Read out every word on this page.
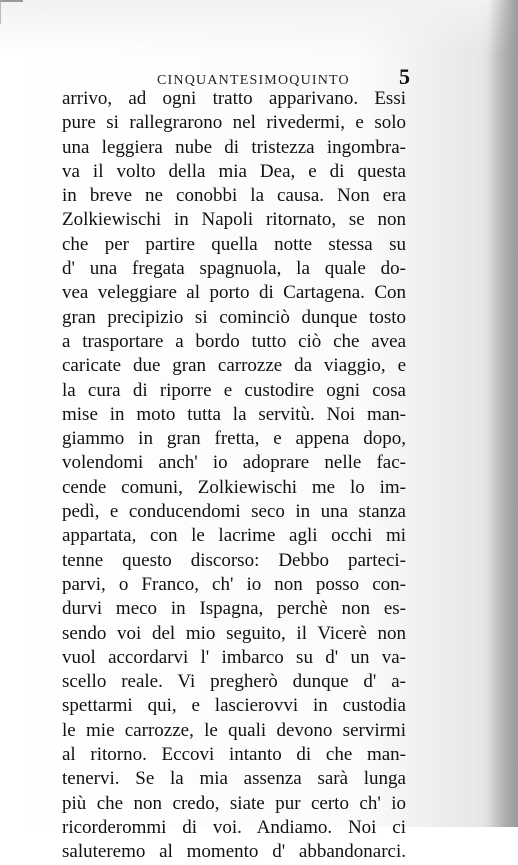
CINQUANTESIMOQUINTO 5
arrivo, ad ogni tratto apparivano. Essi
pure si rallegrarono nel rivedermi, e solo
una leggiera nube di tristezza ingombra-
va il volto della mia Dea, e di questa
in breve ne conobbi la causa. Non era
Zolkiewischi in Napoli ritornato, se non
che per partire quella notte stessa su
d' una fregata spagnuola, la quale do-
vea veleggiare al porto di Cartagena. Con
gran precipizio si cominciò dunque tosto
a trasportare a bordo tutto ciò che avea
caricate due gran carrozze da viaggio, e
la cura di riporre e custodire ogni cosa
mise in moto tutta la servitù. Noi man-
giammo in gran fretta, e appena dopo,
volendomi anch' io adoprare nelle fac-
cende comuni, Zolkiewischi me lo im-
pedì, e conducendomi seco in una stanza
appartata, con le lacrime agli occhi mi
tenne questo discorso: Debbo parteci-
parvi, o Franco, ch' io non posso con-
durvi meco in Ispagna, perchè non es-
sendo voi del mio seguito, il Vicerè non
vuol accordarvi l' imbarco su d' un va-
scello reale. Vi pregherò dunque d' a-
spettarmi qui, e lascierovvi in custodia
le mie carrozze, le quali devono servirmi
al ritorno. Eccovi intanto di che man-
tenervi. Se la mia assenza sarà lunga
più che non credo, siate pur certo ch' io
ricorderommi di voi. Andiamo. Noi ci
saluteremo al momento d' abbandonarci.
